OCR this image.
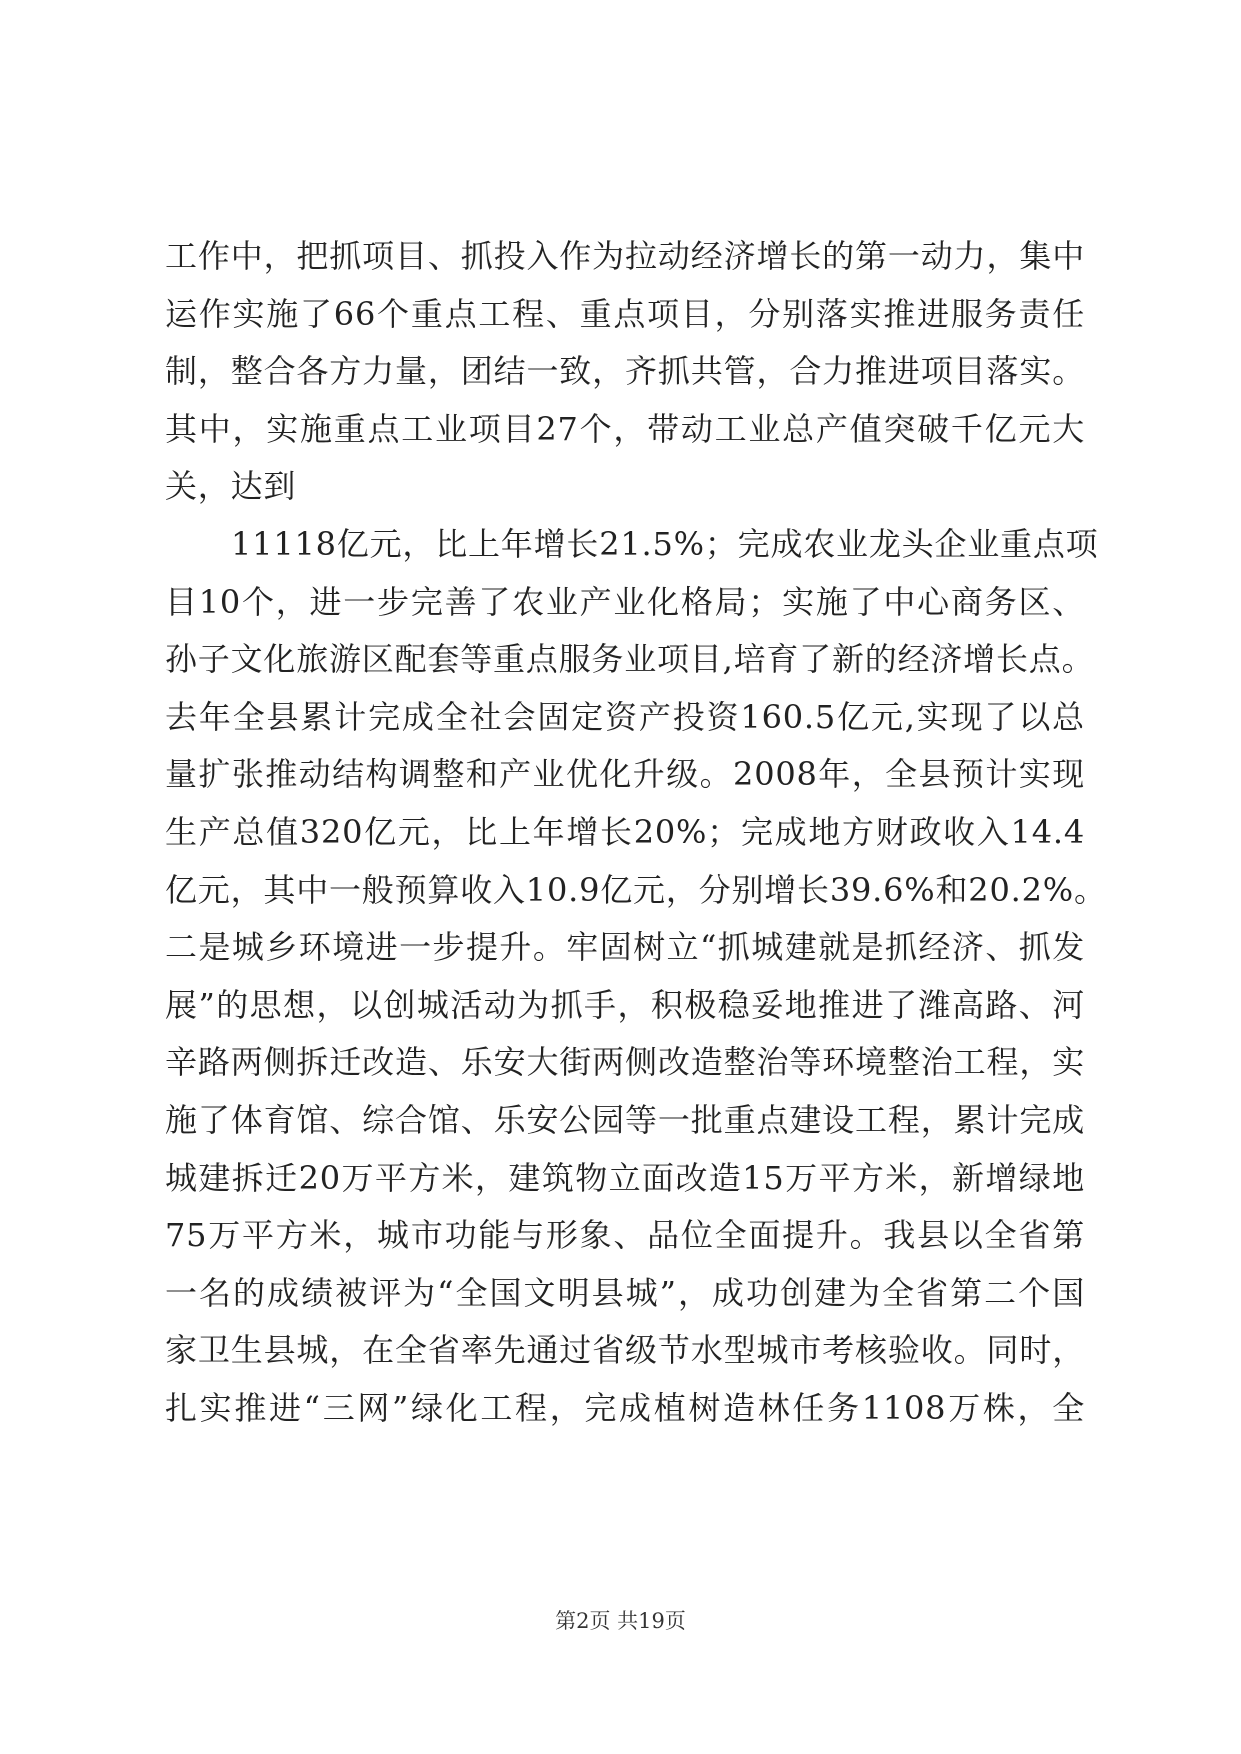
工作中，把抓项目、抓投入作为拉动经济增长的第一动力，集中
运作实施了66个重点工程、重点项目，分别落实推进服务责任
制，整合各方力量，团结一致，齐抓共管，合力推进项目落实。
其中，实施重点工业项目27个，带动工业总产值突破千亿元大
关，达到
11118亿元，比上年增长21.5%；完成农业龙头企业重点项
目10个，进一步完善了农业产业化格局；实施了中心商务区、
孙子文化旅游区配套等重点服务业项目,培育了新的经济增长点。
去年全县累计完成全社会固定资产投资160.5亿元,实现了以总
量扩张推动结构调整和产业优化升级。2008年，全县预计实现
生产总值320亿元，比上年增长20%；完成地方财政收入14.4
亿元，其中一般预算收入10.9亿元，分别增长39.6%和20.2%。
二是城乡环境进一步提升。牢固树立“抓城建就是抓经济、抓发
展”的思想，以创城活动为抓手，积极稳妥地推进了潍高路、河
辛路两侧拆迁改造、乐安大街两侧改造整治等环境整治工程，实
施了体育馆、综合馆、乐安公园等一批重点建设工程，累计完成
城建拆迁20万平方米，建筑物立面改造15万平方米，新增绿地
75万平方米，城市功能与形象、品位全面提升。我县以全省第
一名的成绩被评为“全国文明县城”，成功创建为全省第二个国
家卫生县城，在全省率先通过省级节水型城市考核验收。同时，
扎实推进“三网”绿化工程，完成植树造林任务1108万株，全
第2页 共19页
